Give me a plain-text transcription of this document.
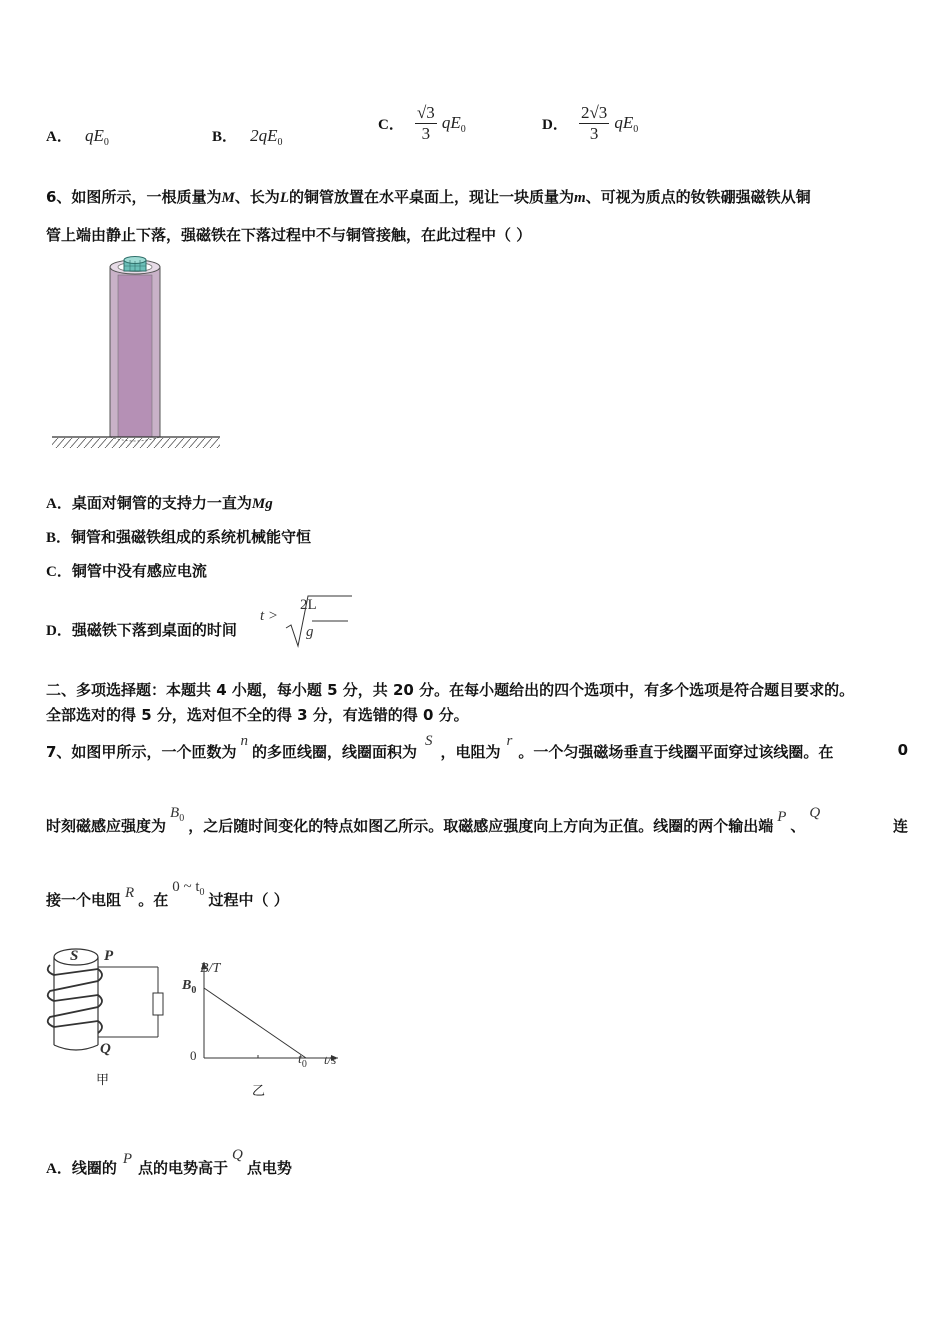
A． $qE_0$	B． $2qE_0$
C． $\frac{√3}{3} qE_0$	D． $\frac{2√3}{3} qE_0$
6、如图所示，一根质量为M、长为L的铜管放置在水平桌面上，现让一块质量为m、可视为质点的钕铁硼强磁铁从铜
管上端由静止下落，强磁铁在下落过程中不与铜管接触，在此过程中（ ）
A．桌面对铜管的支持力一直为Mg
B．铜管和强磁铁组成的系统机械能守恒
C．铜管中没有感应电流
D．强磁铁下落到桌面的时间
t >
2L
g
二、多项选择题：本题共 4 小题，每小题 5 分，共 20 分。在每小题给出的四个选项中，有多个选项是符合题目要求的。
全部选对的得 5 分，选对但不全的得 3 分，有选错的得 0 分。
7、如图甲所示，一个匝数为n的多匝线圈，线圈面积为S，电阻为r。一个匀强磁场垂直于线圈平面穿过该线圈。在	0
时刻磁感应强度为$B_0$ ，之后随时间变化的特点如图乙所示。取磁感应强度向上方向为正值。线圈的两个输出端 P 、Q
连
接一个电阻 R 。在0 ~ $t_0$ 过程中（ ）
S P
Q
甲
B/T
$B_0$
0	$t_0$ t/s
乙
A．线圈的 P 点的电势高于Q点电势
